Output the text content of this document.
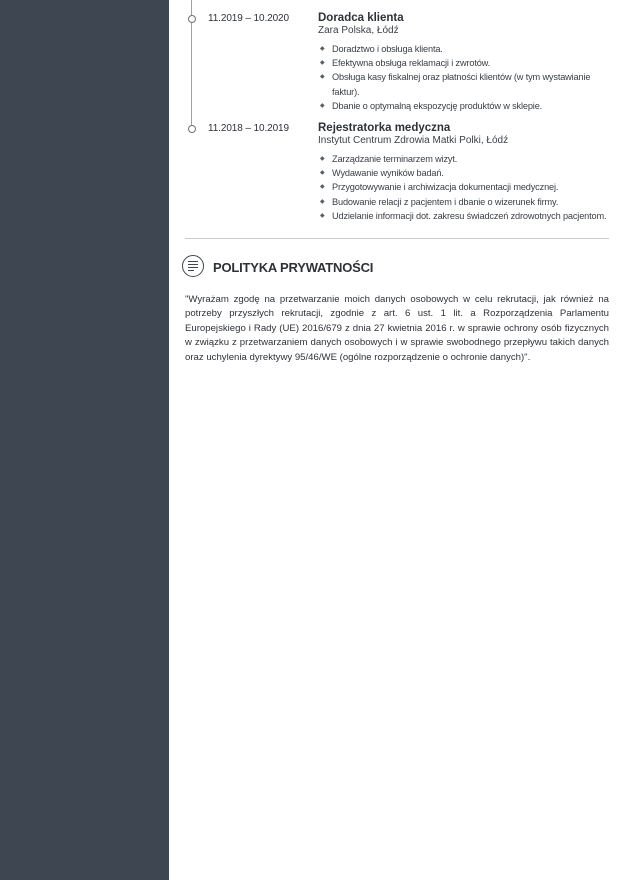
11.2019 – 10.2020	Doradca klienta
Zara Polska, Łódź
◆ Doradztwo i obsługa klienta.
◆ Efektywna obsługa reklamacji i zwrotów.
◆ Obsługa kasy fiskalnej oraz płatności klientów (w tym wystawianie faktur).
◆ Dbanie o optymalną ekspozycję produktów w sklepie.
11.2018 – 10.2019	Rejestratorka medyczna
Instytut Centrum Zdrowia Matki Polki, Łódź
◆ Zarządzanie terminarzem wizyt.
◆ Wydawanie wyników badań.
◆ Przygotowywanie i archiwizacja dokumentacji medycznej.
◆ Budowanie relacji z pacjentem i dbanie o wizerunek firmy.
◆ Udzielanie informacji dot. zakresu świadczeń zdrowotnych pacjentom.
POLITYKA PRYWATNOŚCI

"Wyrażam zgodę na przetwarzanie moich danych osobowych w celu rekrutacji, jak również na potrzeby przyszłych rekrutacji, zgodnie z art. 6 ust. 1 lit. a Rozporządzenia Parlamentu Europejskiego i Rady (UE) 2016/679 z dnia 27 kwietnia 2016 r. w sprawie ochrony osób fizycznych w związku z przetwarzaniem danych osobowych i w sprawie swobodnego przepływu takich danych oraz uchylenia dyrektywy 95/46/WE (ogólne rozporządzenie o ochronie danych)".
